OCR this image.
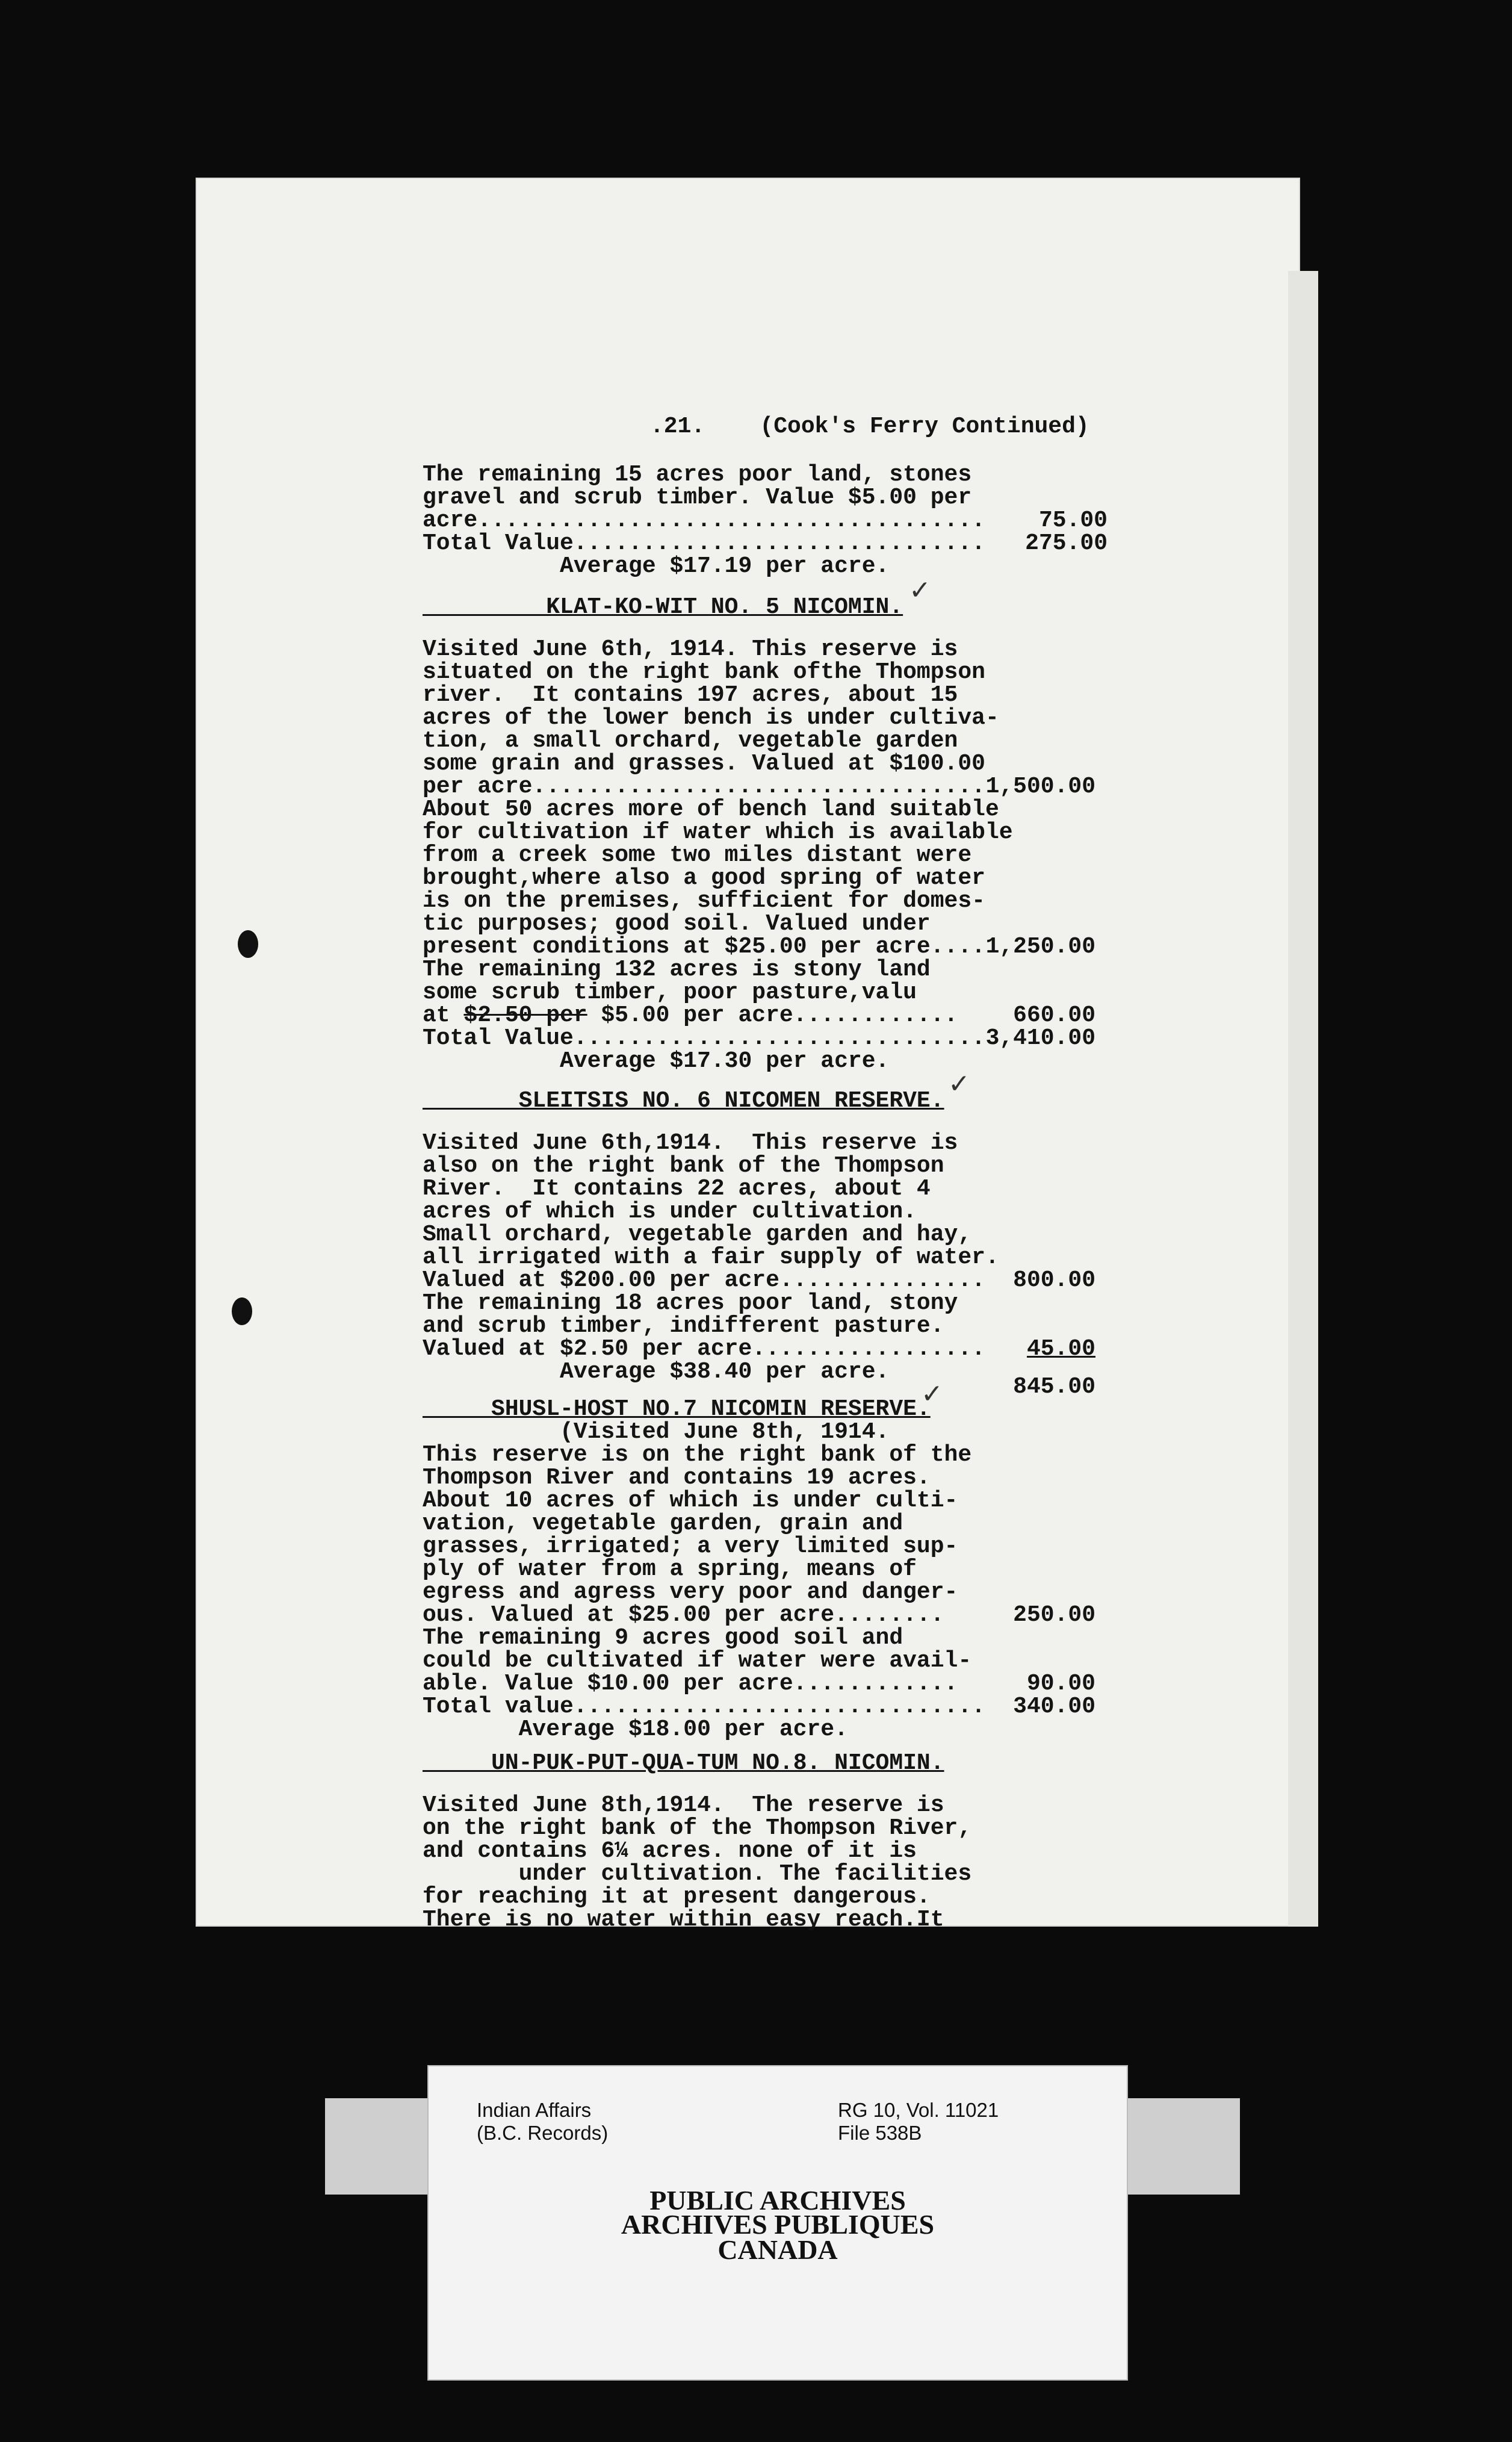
.21.    (Cook's Ferry Continued)
The remaining 15 acres poor land, stones
gravel and scrub timber. Value $5.00 per
acre.....................................
Total Value..............................
Average $17.19 per acre.
KLAT-KO-WIT NO. 5 NICOMIN.
✓
Visited June 6th, 1914. This reserve is
situated on the right bank ofthe Thompson
river.  It contains 197 acres, about 15
acres of the lower bench is under cultiva-
tion, a small orchard, vegetable garden
some grain and grasses. Valued at $100.00
per acre.................................
About 50 acres more of bench land suitable
for cultivation if water which is available
from a creek some two miles distant were
brought,where also a good spring of water
is on the premises, sufficient for domes-
tic purposes; good soil. Valued under
present conditions at $25.00 per acre....
The remaining 132 acres is stony land
some scrub timber, poor pasture,valu
at $2.50 per $5.00 per acre............
Total Value..............................
Average $17.30 per acre.
SLEITSIS NO. 6 NICOMEN RESERVE.
✓
Visited June 6th,1914.  This reserve is
also on the right bank of the Thompson
River.  It contains 22 acres, about 4
acres of which is under cultivation.
Small orchard, vegetable garden and hay,
all irrigated with a fair supply of water.
Valued at $200.00 per acre...............
The remaining 18 acres poor land, stony
and scrub timber, indifferent pasture.
Valued at $2.50 per acre.................
Average $38.40 per acre.
SHUSL-HOST NO.7 NICOMIN RESERVE.
✓
(Visited June 8th, 1914.
This reserve is on the right bank of the
Thompson River and contains 19 acres.
About 10 acres of which is under culti-
vation, vegetable garden, grain and
grasses, irrigated; a very limited sup-
ply of water from a spring, means of
egress and agress very poor and danger-
ous. Valued at $25.00 per acre........
The remaining 9 acres good soil and
could be cultivated if water were avail-
able. Value $10.00 per acre............
Total value..............................
Average $18.00 per acre.
UN-PUK-PUT-QUA-TUM NO.8. NICOMIN.
Visited June 8th,1914.  The reserve is
on the right bank of the Thompson River,
and contains 6¼ acres. none of it is
under cultivation. The facilities
for reaching it at present dangerous.
There is no water within easy reach.It
75.00
275.00
1,500.00
1,250.00
660.00
3,410.00
800.00
45.00
845.00
250.00
90.00
340.00
Indian Affairs
(B.C. Records)
RG 10, Vol. 11021
File 538B
PUBLIC ARCHIVES
ARCHIVES PUBLIQUES
CANADA
